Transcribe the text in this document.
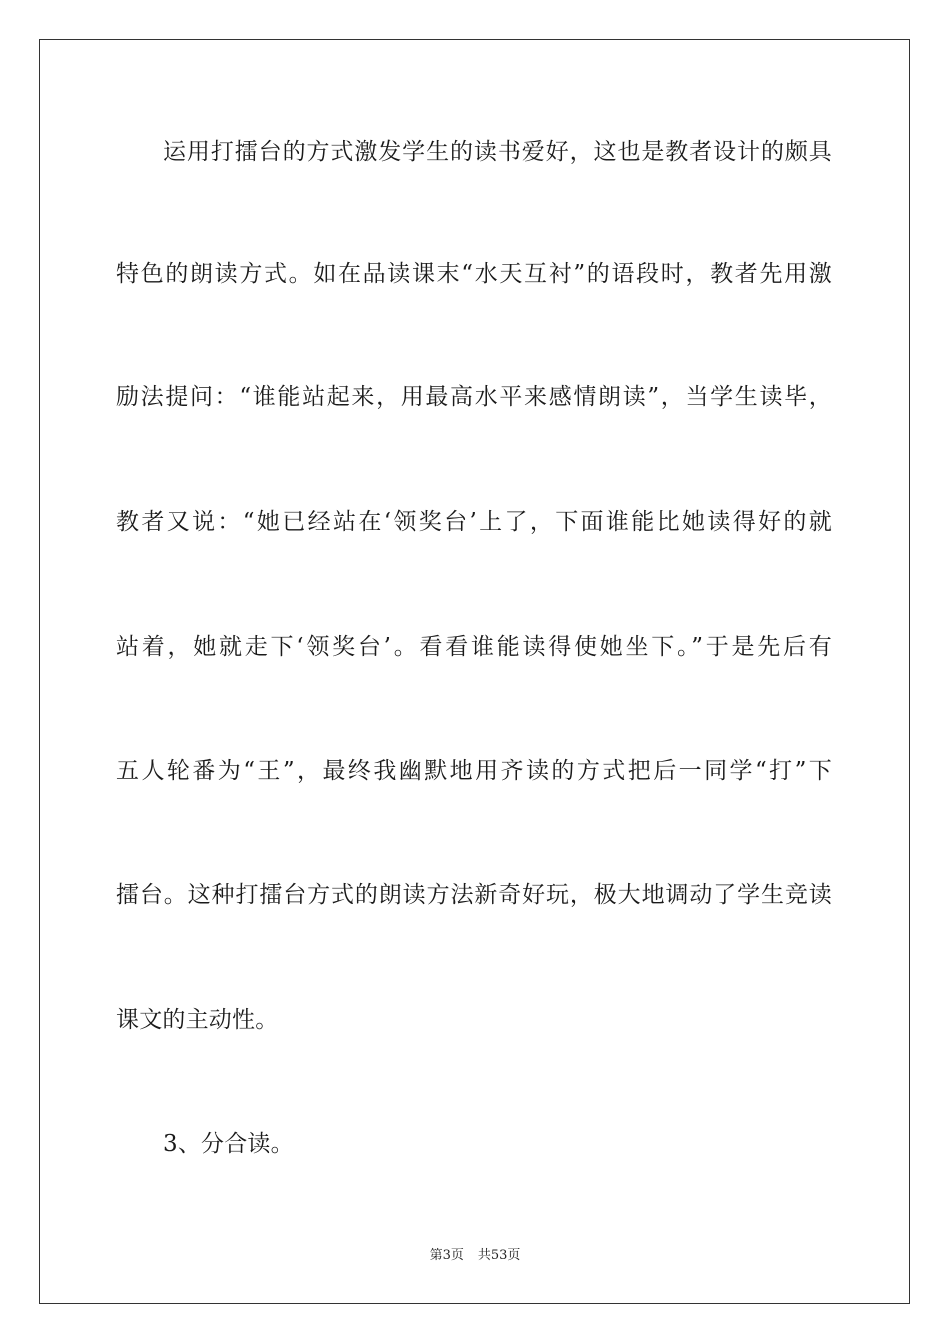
运用打擂台的方式激发学生的读书爱好，这也是教者设计的颇具
特色的朗读方式。如在品读课末“水天互衬”的语段时，教者先用激
励法提问：“谁能站起来，用最高水平来感情朗读”，当学生读毕，
教者又说：“她已经站在‘领奖台’上了，下面谁能比她读得好的就
站着，她就走下‘领奖台’。看看谁能读得使她坐下。”于是先后有
五人轮番为“王”，最终我幽默地用齐读的方式把后一同学“打”下
擂台。这种打擂台方式的朗读方法新奇好玩，极大地调动了学生竞读
课文的主动性。
3、分合读。
第3页 共53页
